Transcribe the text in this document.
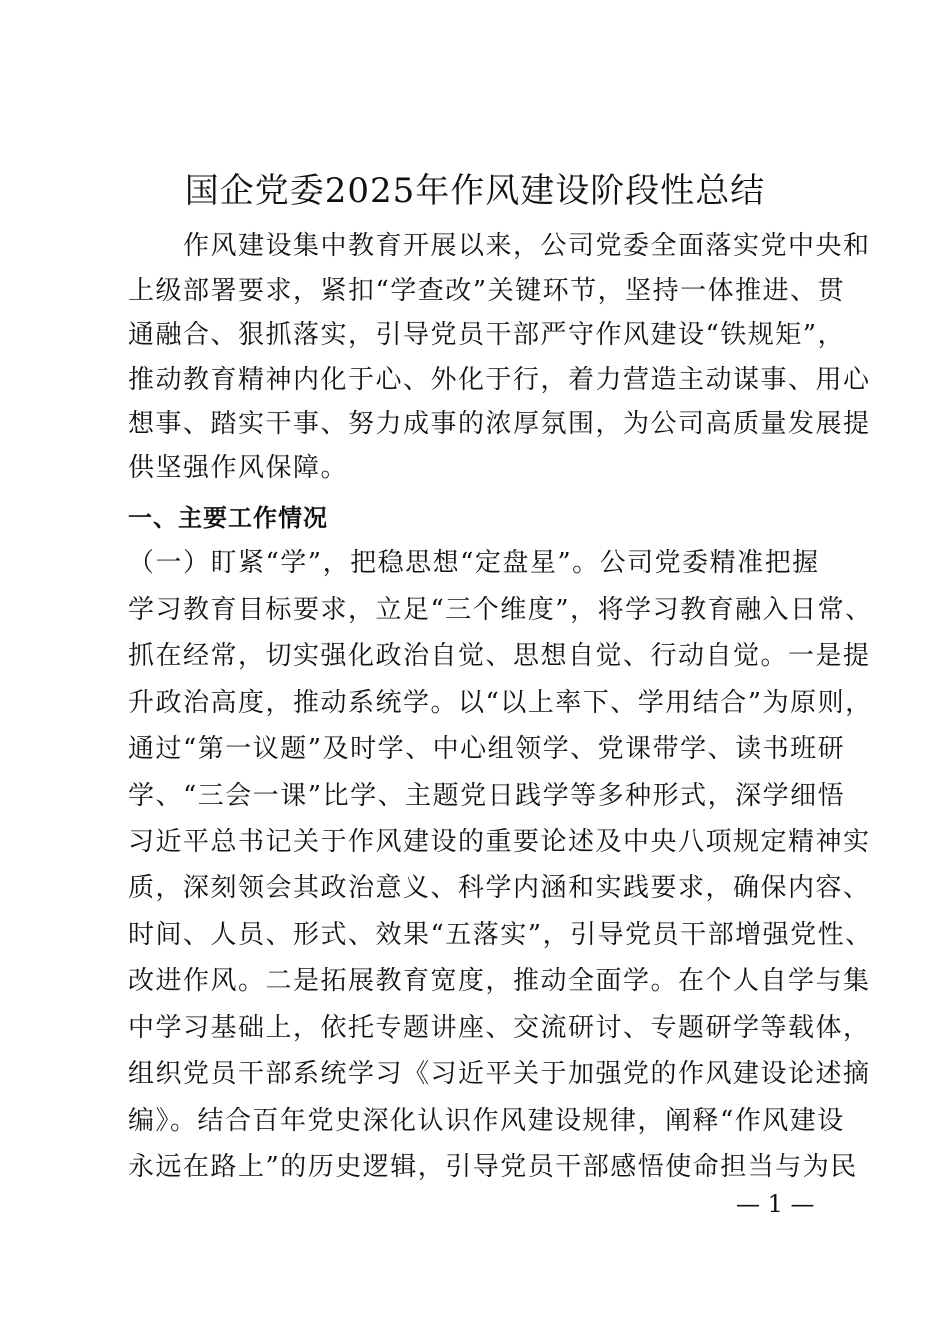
国企党委2025年作风建设阶段性总结
　　作风建设集中教育开展以来，公司党委全面落实党中央和
上级部署要求，紧扣“学查改”关键环节，坚持一体推进、贯
通融合、狠抓落实，引导党员干部严守作风建设“铁规矩”，
推动教育精神内化于心、外化于行，着力营造主动谋事、用心
想事、踏实干事、努力成事的浓厚氛围，为公司高质量发展提
供坚强作风保障。
一、主要工作情况
（一）盯紧“学”，把稳思想“定盘星”。公司党委精准把握
学习教育目标要求，立足“三个维度”，将学习教育融入日常、
抓在经常，切实强化政治自觉、思想自觉、行动自觉。一是提
升政治高度，推动系统学。以“以上率下、学用结合”为原则，
通过“第一议题”及时学、中心组领学、党课带学、读书班研
学、“三会一课”比学、主题党日践学等多种形式，深学细悟
习近平总书记关于作风建设的重要论述及中央八项规定精神实
质，深刻领会其政治意义、科学内涵和实践要求，确保内容、
时间、人员、形式、效果“五落实”，引导党员干部增强党性、
改进作风。二是拓展教育宽度，推动全面学。在个人自学与集
中学习基础上，依托专题讲座、交流研讨、专题研学等载体，
组织党员干部系统学习《习近平关于加强党的作风建设论述摘
编》。结合百年党史深化认识作风建设规律，阐释“作风建设
永远在路上”的历史逻辑，引导党员干部感悟使命担当与为民
— 1 —
